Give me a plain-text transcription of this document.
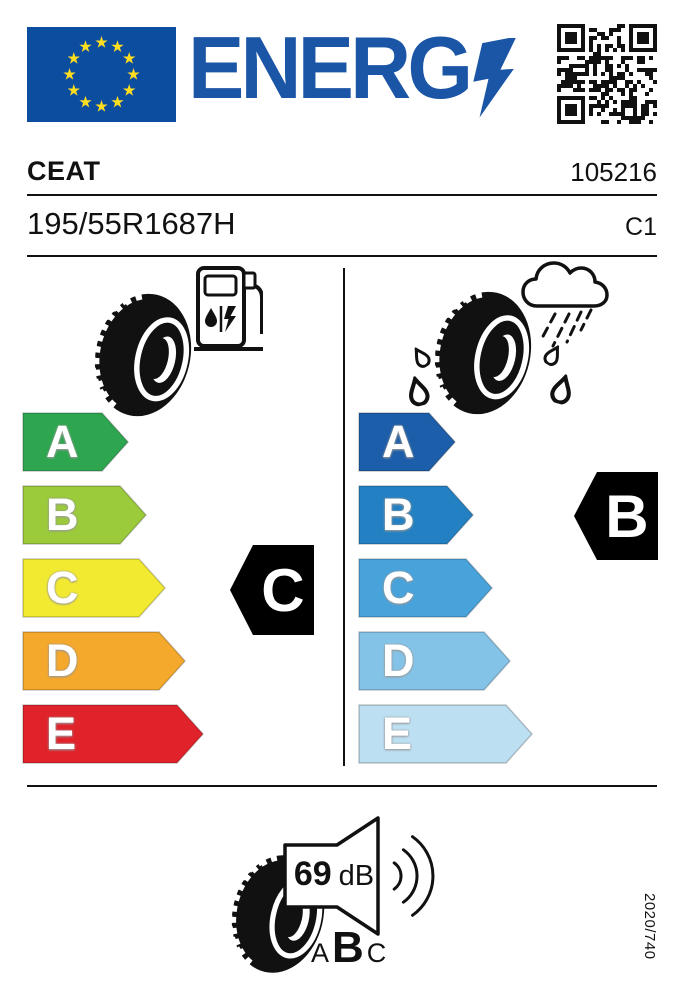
ENERG
CEAT	105216
195/55R1687H	C1
A
B
C
D
E
A
B
C
D
E
C
B
69 dB
A B C	2020/740
